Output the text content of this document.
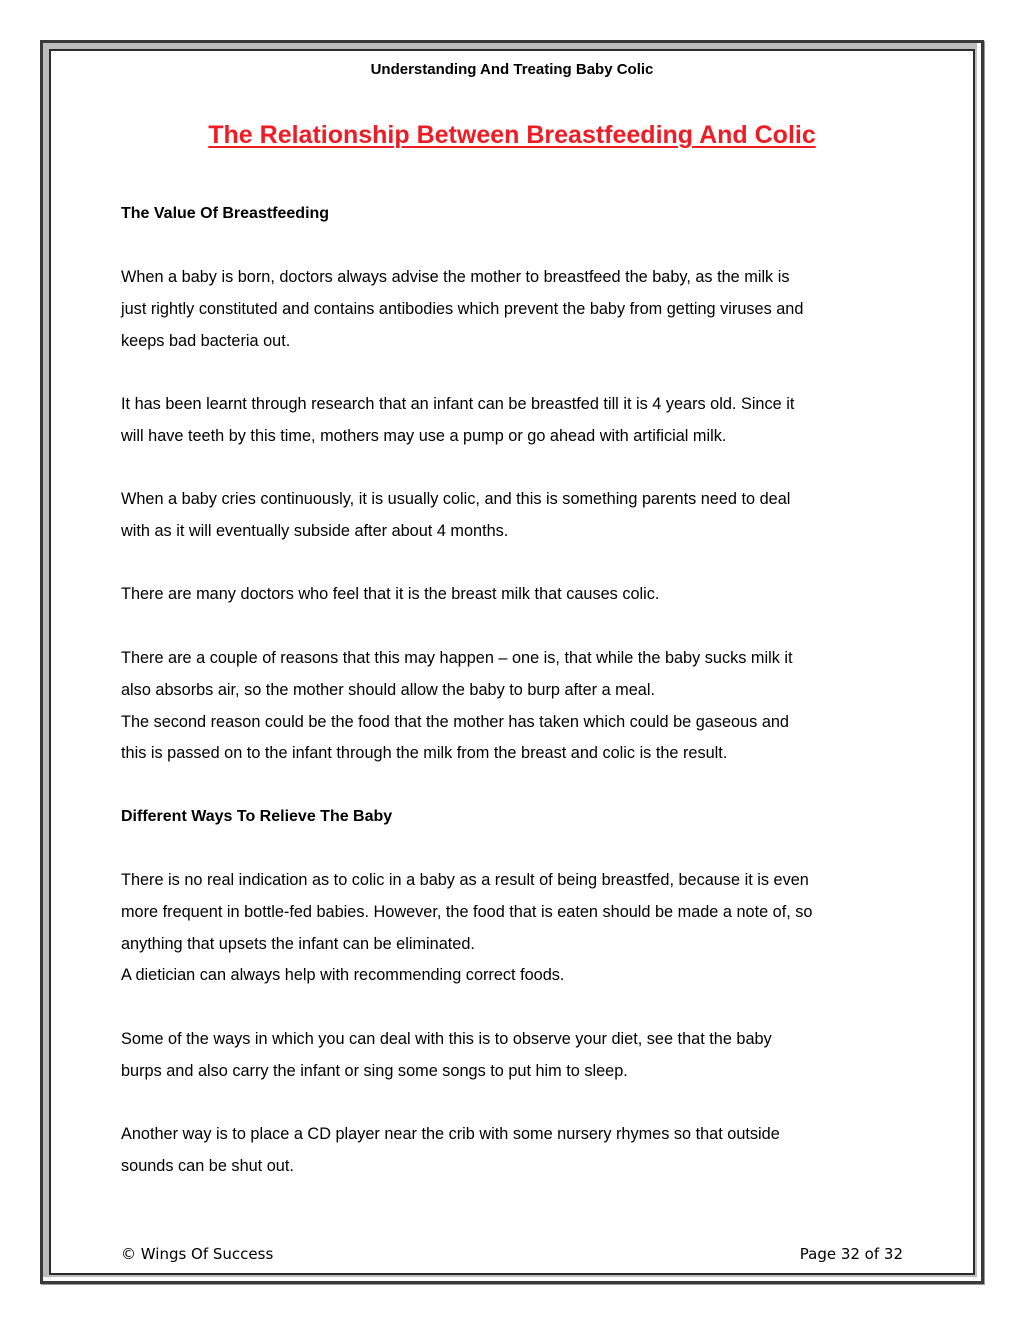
Understanding And Treating Baby Colic
The Relationship Between Breastfeeding And Colic
The Value Of Breastfeeding
When a baby is born, doctors always advise the mother to breastfeed the baby, as the milk is
just rightly constituted and contains antibodies which prevent the baby from getting viruses and
keeps bad bacteria out.
It has been learnt through research that an infant can be breastfed till it is 4 years old. Since it
will have teeth by this time, mothers may use a pump or go ahead with artificial milk.
When a baby cries continuously, it is usually colic, and this is something parents need to deal
with as it will eventually subside after about 4 months.
There are many doctors who feel that it is the breast milk that causes colic.
There are a couple of reasons that this may happen – one is, that while the baby sucks milk it
also absorbs air, so the mother should allow the baby to burp after a meal.
The second reason could be the food that the mother has taken which could be gaseous and
this is passed on to the infant through the milk from the breast and colic is the result.
Different Ways To Relieve The Baby
There is no real indication as to colic in a baby as a result of being breastfed, because it is even
more frequent in bottle-fed babies. However, the food that is eaten should be made a note of, so
anything that upsets the infant can be eliminated.
A dietician can always help with recommending correct foods.
Some of the ways in which you can deal with this is to observe your diet, see that the baby
burps and also carry the infant or sing some songs to put him to sleep.
Another way is to place a CD player near the crib with some nursery rhymes so that outside
sounds can be shut out.
© Wings Of Success	Page 32 of 32
